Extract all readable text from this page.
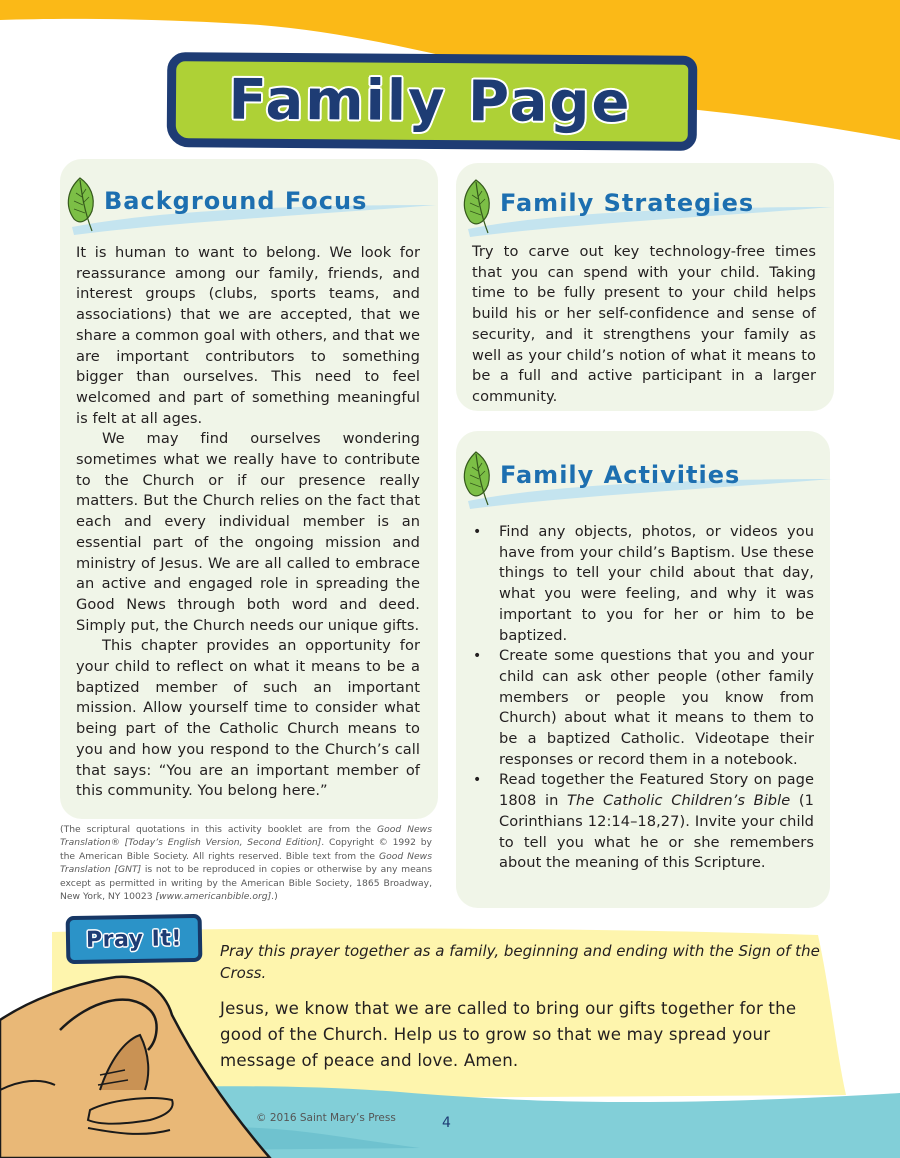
Family Page
Background Focus

It is human to want to belong. We look for reassurance among our family, friends, and interest groups (clubs, sports teams, and associations) that we are accepted, that we share a common goal with others, and that we are important contributors to something bigger than ourselves. This need to feel welcomed and part of something meaningful is felt at all ages.

We may find ourselves wondering sometimes what we really have to contribute to the Church or if our presence really matters. But the Church relies on the fact that each and every individual member is an essential part of the ongoing mission and ministry of Jesus. We are all called to embrace an active and engaged role in spreading the Good News through both word and deed. Simply put, the Church needs our unique gifts.

This chapter provides an opportunity for your child to reflect on what it means to be a baptized member of such an important mission. Allow yourself time to consider what being part of the Catholic Church means to you and how you respond to the Church’s call that says: “You are an important member of this community. You belong here.”

(The scriptural quotations in this activity booklet are from the Good News Translation® [Today’s English Version, Second Edition]. Copyright © 1992 by the American Bible Society. All rights reserved. Bible text from the Good News Translation [GNT] is not to be reproduced in copies or otherwise by any means except as permitted in writing by the American Bible Society, 1865 Broadway, New York, NY 10023 [www.americanbible.org].)
Family Strategies

Try to carve out key technology-free times that you can spend with your child. Taking time to be fully present to your child helps build his or her self-confidence and sense of security, and it strengthens your family as well as your child’s notion of what it means to be a full and active participant in a larger community.

Family Activities
• Find any objects, photos, or videos you have from your child’s Baptism. Use these things to tell your child about that day, what you were feeling, and why it was important to you for her or him to be baptized.
• Create some questions that you and your child can ask other people (other family members or people you know from Church) about what it means to them to be a baptized Catholic. Videotape their responses or record them in a notebook.
• Read together the Featured Story on page 1808 in The Catholic Children’s Bible (1 Corinthians 12:14–18,27). Invite your child to tell you what he or she remembers about the meaning of this Scripture.
Pray It!	Pray this prayer together as a family, beginning and ending with the Sign of the Cross.
Jesus, we know that we are called to bring our gifts together for the good of the Church. Help us to grow so that we may spread your message of peace and love. Amen.
© 2016 Saint Mary’s Press	4
